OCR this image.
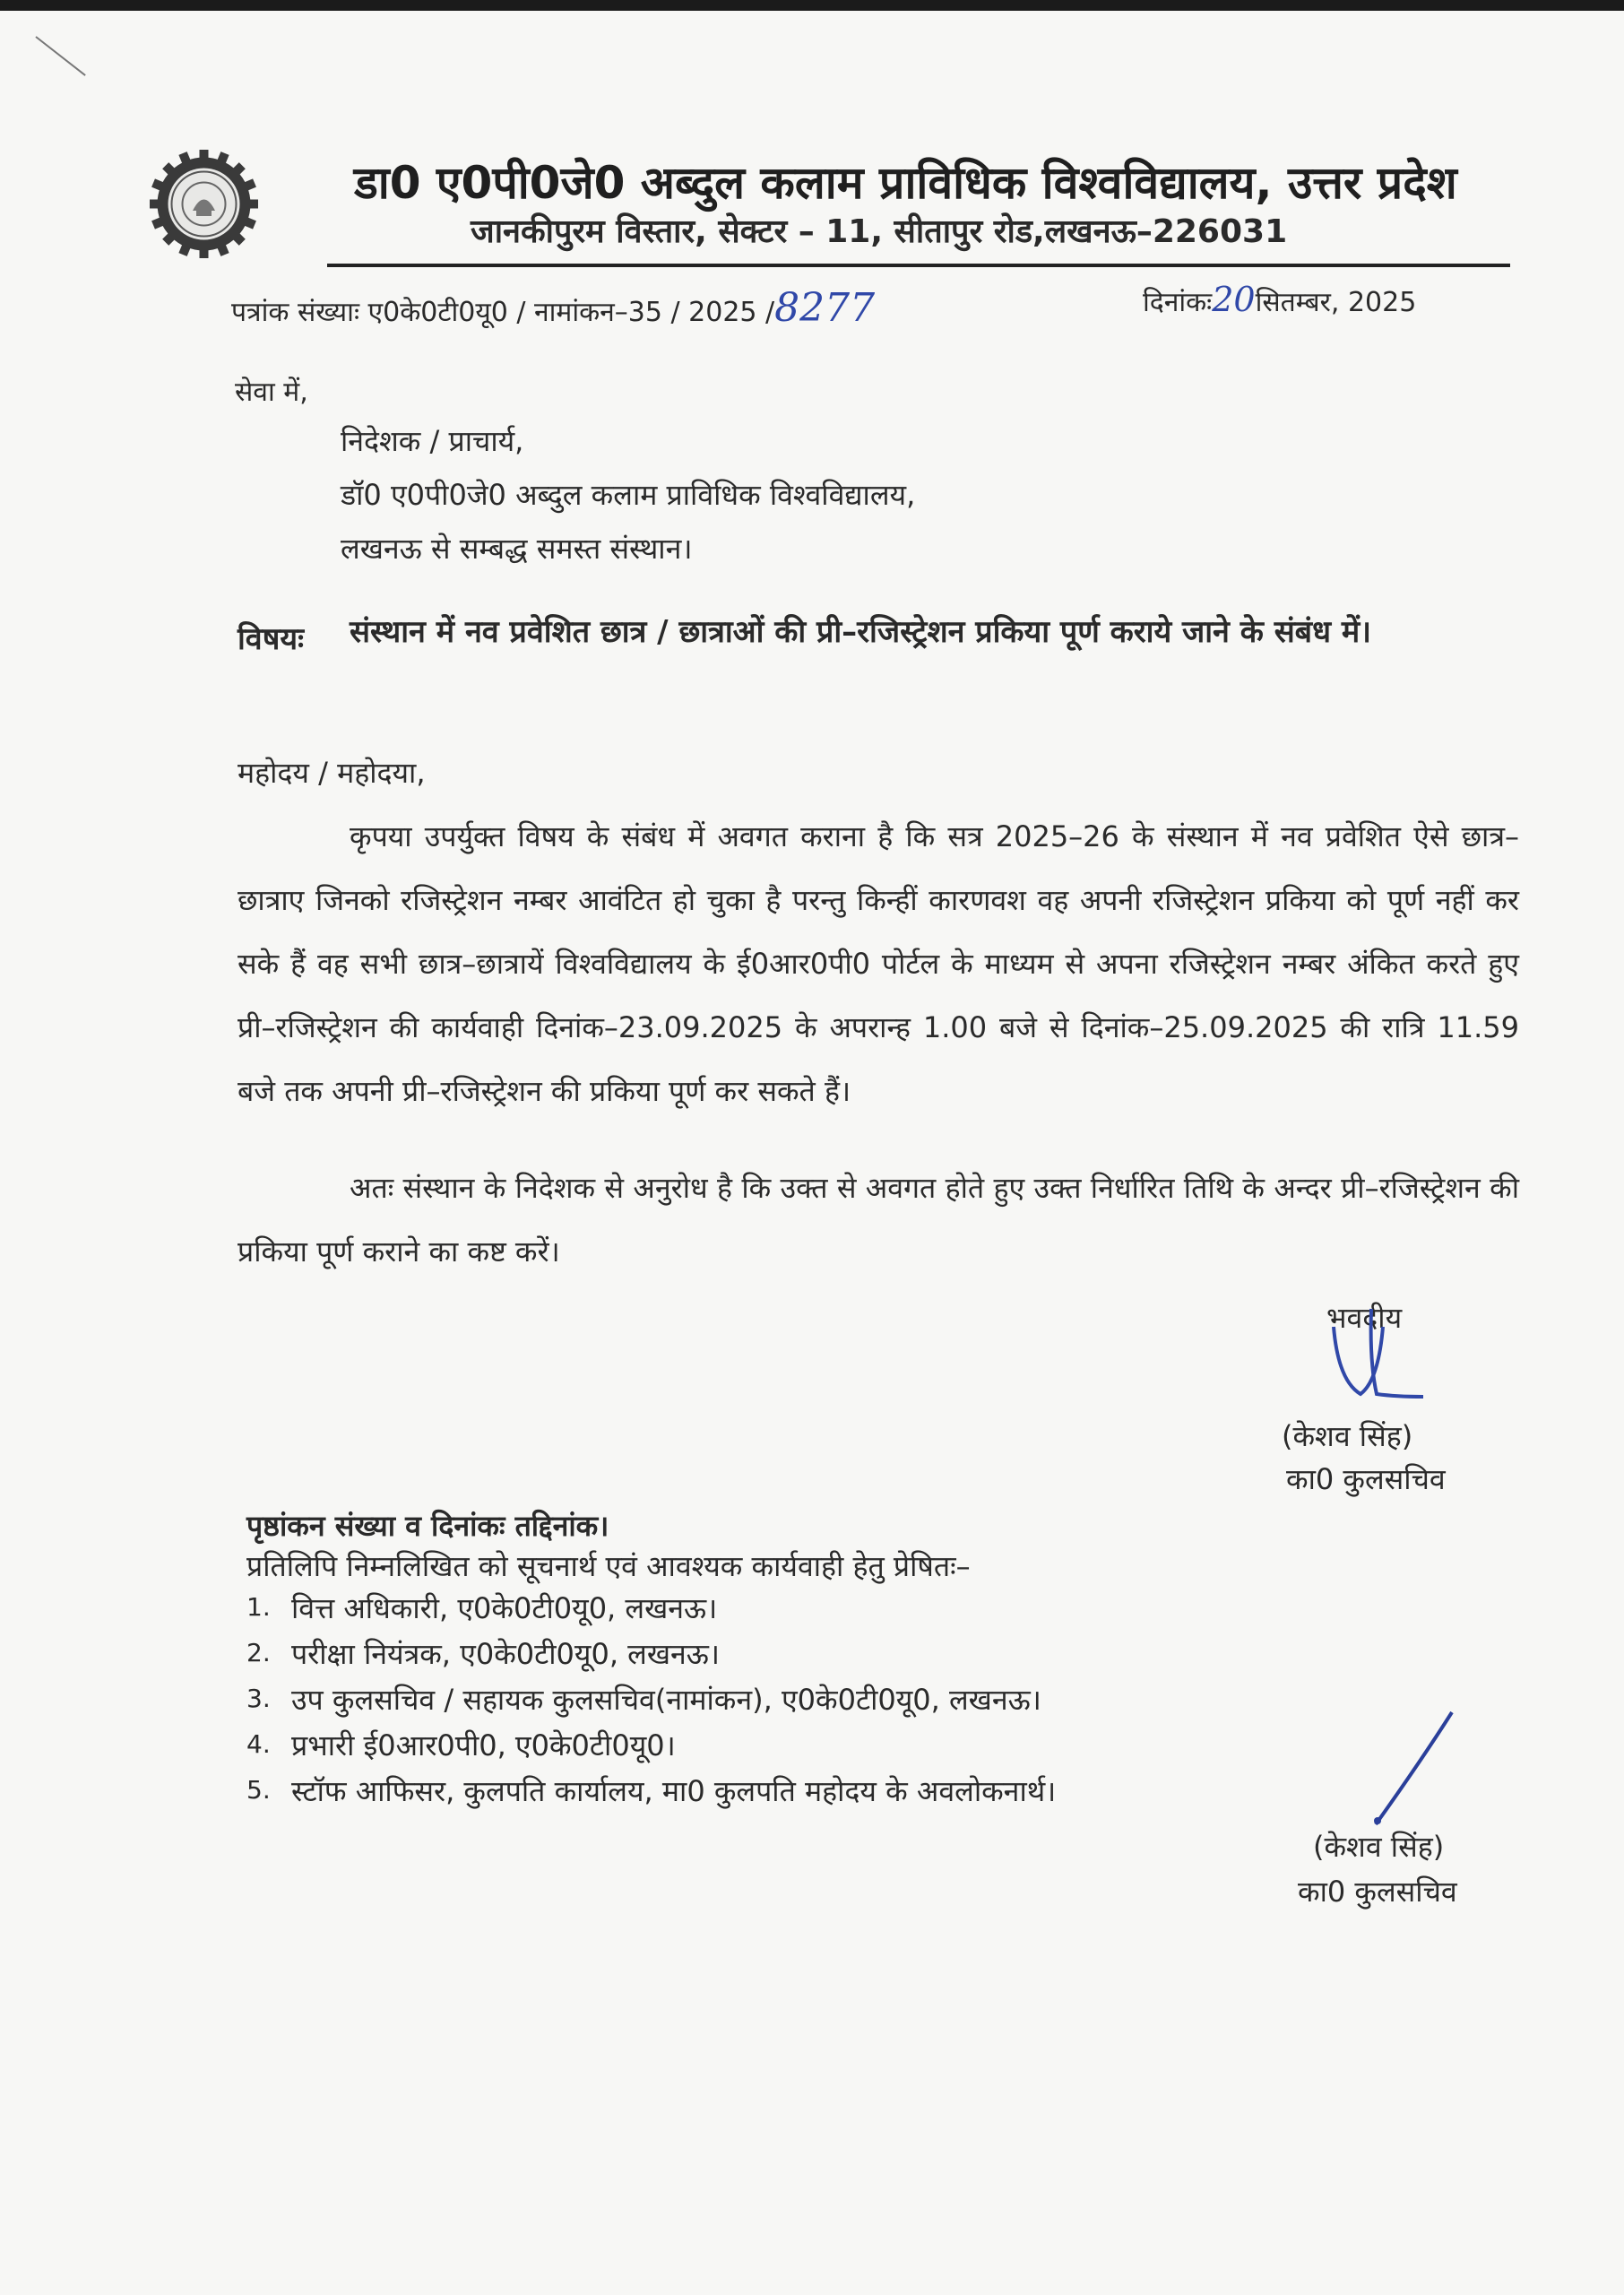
डा0 ए0पी0जे0 अब्दुल कलाम प्राविधिक विश्वविद्यालय, उत्तर प्रदेश
जानकीपुरम विस्तार, सेक्टर – 11, सीतापुर रोड,लखनऊ–226031
पत्रांक संख्याः ए0के0टी0यू0 / नामांकन–35 / 2025 /8277	दिनांकः20सितम्बर, 2025
सेवा में,
निदेशक / प्राचार्य,
डॉ0 ए0पी0जे0 अब्दुल कलाम प्राविधिक विश्वविद्यालय,
लखनऊ से सम्बद्ध समस्त संस्थान।
विषयः संस्थान में नव प्रवेशित छात्र / छात्राओं की प्री–रजिस्ट्रेशन प्रकिया पूर्ण कराये जाने के संबंध में।
महोदय / महोदया,
कृपया उपर्युक्त विषय के संबंध में अवगत कराना है कि सत्र 2025–26 के संस्थान में नव प्रवेशित ऐसे छात्र–छात्राए जिनको रजिस्ट्रेशन नम्बर आवंटित हो चुका है परन्तु किन्हीं कारणवश वह अपनी रजिस्ट्रेशन प्रकिया को पूर्ण नहीं कर सके हैं वह सभी छात्र–छात्रायें विश्वविद्यालय के ई0आर0पी0 पोर्टल के माध्यम से अपना रजिस्ट्रेशन नम्बर अंकित करते हुए प्री–रजिस्ट्रेशन की कार्यवाही दिनांक–23.09.2025 के अपरान्ह 1.00 बजे से दिनांक–25.09.2025 की रात्रि 11.59 बजे तक अपनी प्री–रजिस्ट्रेशन की प्रकिया पूर्ण कर सकते हैं।
अतः संस्थान के निदेशक से अनुरोध है कि उक्त से अवगत होते हुए उक्त निर्धारित तिथि के अन्दर प्री–रजिस्ट्रेशन की प्रकिया पूर्ण कराने का कष्ट करें।
भवदीय
(केशव सिंह)
का0 कुलसचिव
पृष्ठांकन संख्या व दिनांकः तद्दिनांक।
प्रतिलिपि निम्नलिखित को सूचनार्थ एवं आवश्यक कार्यवाही हेतु प्रेषितः–
1. वित्त अधिकारी, ए0के0टी0यू0, लखनऊ।
2. परीक्षा नियंत्रक, ए0के0टी0यू0, लखनऊ।
3. उप कुलसचिव / सहायक कुलसचिव(नामांकन), ए0के0टी0यू0, लखनऊ।
4. प्रभारी ई0आर0पी0, ए0के0टी0यू0।
5. स्टॉफ आफिसर, कुलपति कार्यालय, मा0 कुलपति महोदय के अवलोकनार्थ।
(केशव सिंह)
का0 कुलसचिव
